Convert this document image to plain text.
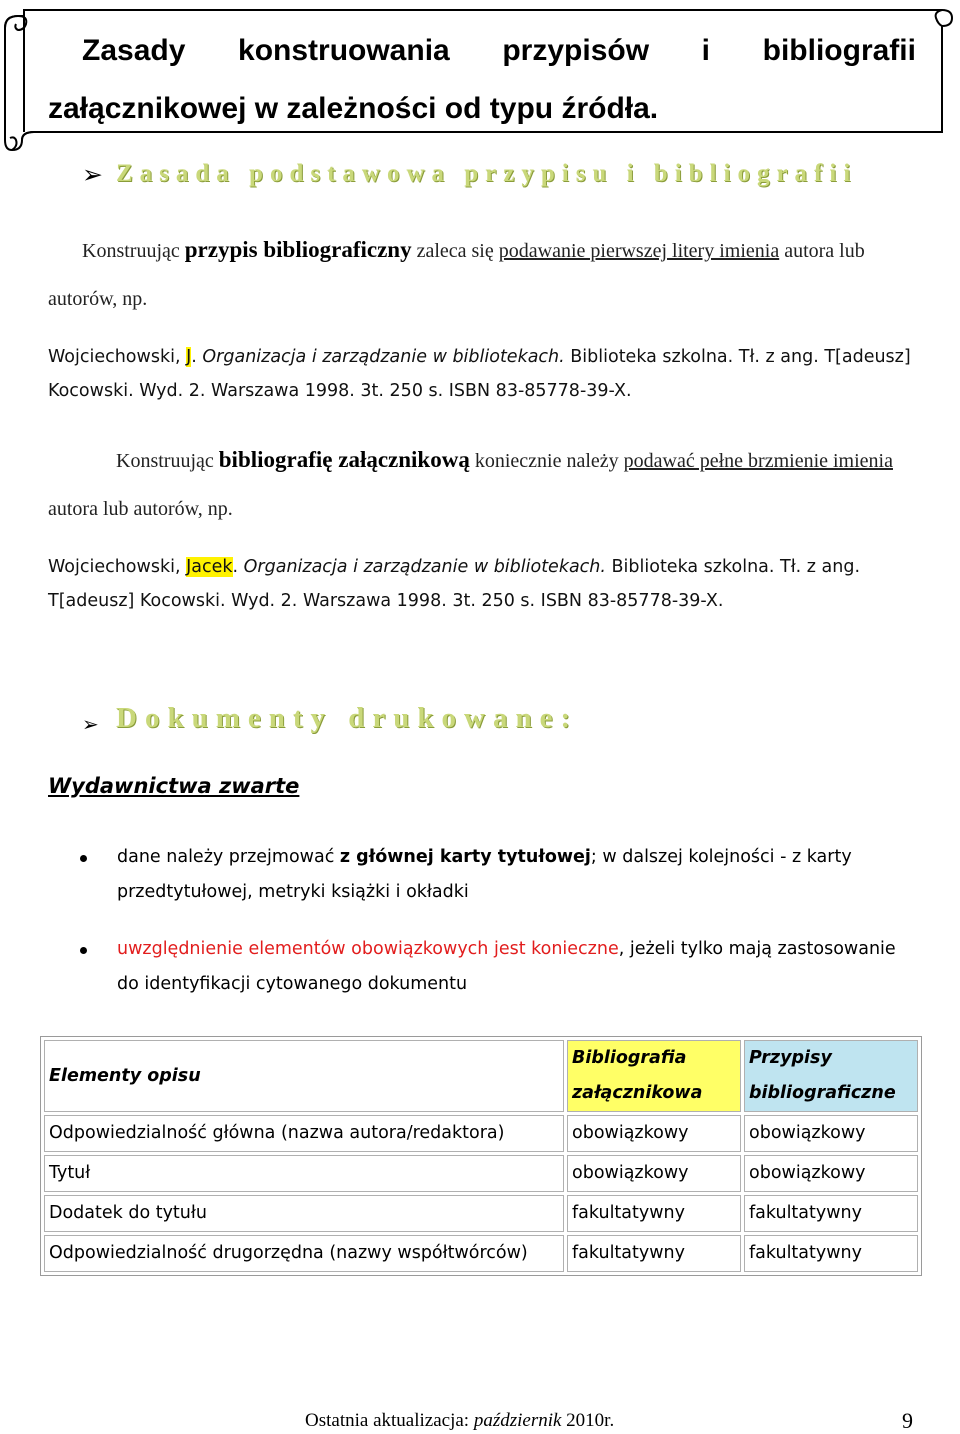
Zasady konstruowania przypisów i bibliografii
załącznikowej w zależności od typu źródła.
➢ Zasada podstawowa przypisu i bibliografii

Konstruując przypis bibliograficzny zaleca się podawanie pierwszej litery imienia autora lub autorów, np.

Wojciechowski, J. Organizacja i zarządzanie w bibliotekach. Biblioteka szkolna. Tł. z ang. T[adeusz] Kocowski. Wyd. 2. Warszawa 1998. 3t. 250 s. ISBN 83-85778-39-X.

Konstruując bibliografię załącznikową koniecznie należy podawać pełne brzmienie imienia autora lub autorów, np.

Wojciechowski, Jacek. Organizacja i zarządzanie w bibliotekach. Biblioteka szkolna. Tł. z ang. T[adeusz] Kocowski. Wyd. 2. Warszawa 1998. 3t. 250 s. ISBN 83-85778-39-X.

➢ Dokumenty drukowane:
Wydawnictwa zwarte
dane należy przejmować z głównej karty tytułowej; w dalszej kolejności - z karty przedtytułowej, metryki książki i okładki
uwzględnienie elementów obowiązkowych jest konieczne, jeżeli tylko mają zastosowanie do identyfikacji cytowanego dokumentu
Elementy opisu	Bibliografia załącznikowa	Przypisy bibliograficzne
Odpowiedzialność główna (nazwa autora/redaktora)	obowiązkowy	obowiązkowy
Tytuł	obowiązkowy	obowiązkowy
Dodatek do tytułu	fakultatywny	fakultatywny
Odpowiedzialność drugorzędna (nazwy współtwórców)	fakultatywny	fakultatywny
Ostatnia aktualizacja: październik 2010r.	9
